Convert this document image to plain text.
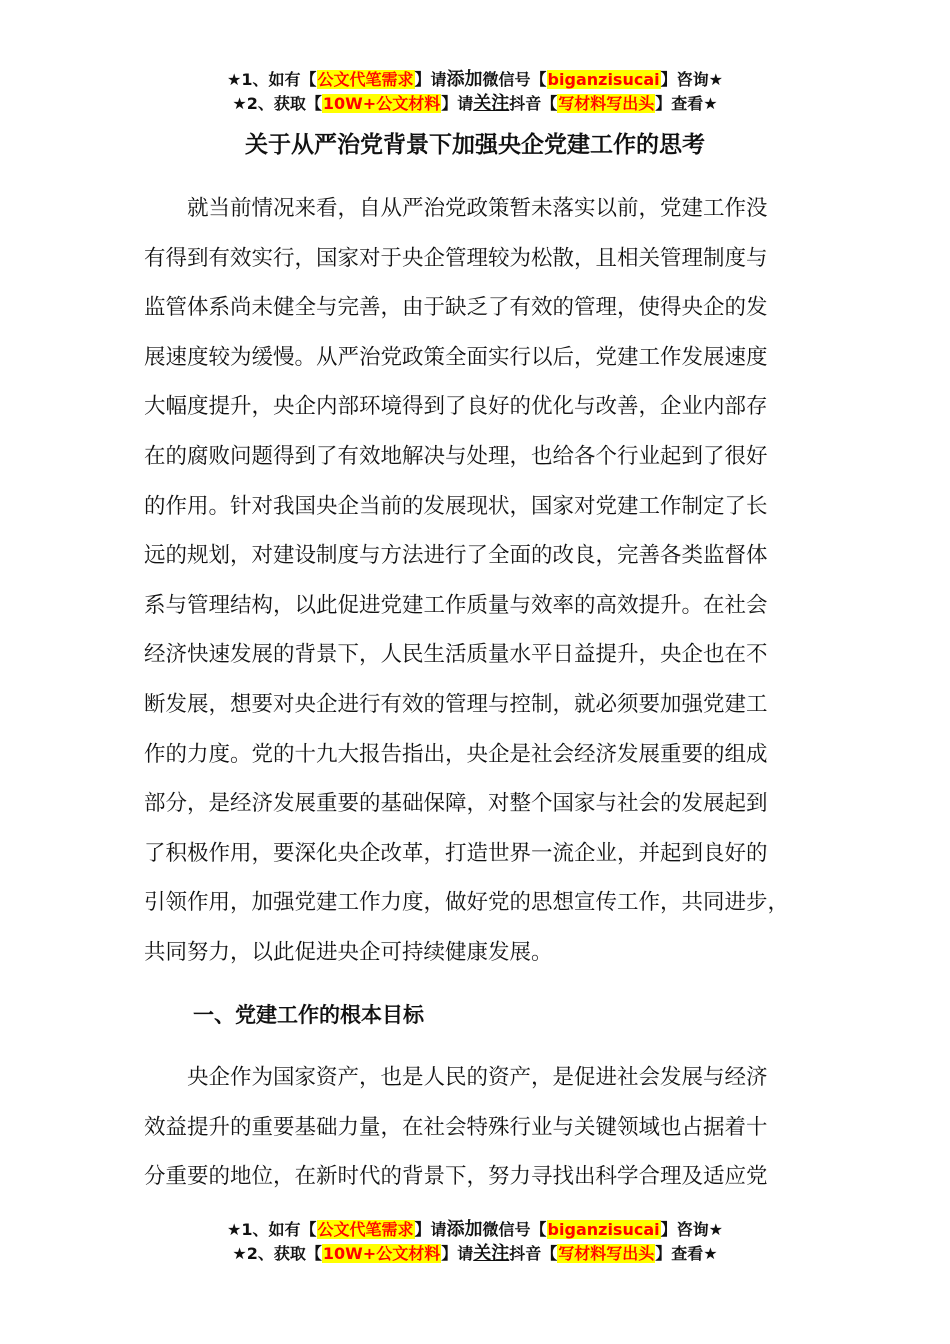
★1、如有【公文代笔需求】请添加微信号【biganzisucai】咨询★
★2、获取【10W+公文材料】请关注抖音【写材料写出头】查看★
关于从严治党背景下加强央企党建工作的思考
　　就当前情况来看，自从严治党政策暂未落实以前，党建工作没
有得到有效实行，国家对于央企管理较为松散，且相关管理制度与
监管体系尚未健全与完善，由于缺乏了有效的管理，使得央企的发
展速度较为缓慢。从严治党政策全面实行以后，党建工作发展速度
大幅度提升，央企内部环境得到了良好的优化与改善，企业内部存
在的腐败问题得到了有效地解决与处理，也给各个行业起到了很好
的作用。针对我国央企当前的发展现状，国家对党建工作制定了长
远的规划，对建设制度与方法进行了全面的改良，完善各类监督体
系与管理结构，以此促进党建工作质量与效率的高效提升。在社会
经济快速发展的背景下，人民生活质量水平日益提升，央企也在不
断发展，想要对央企进行有效的管理与控制，就必须要加强党建工
作的力度。党的十九大报告指出，央企是社会经济发展重要的组成
部分，是经济发展重要的基础保障，对整个国家与社会的发展起到
了积极作用，要深化央企改革，打造世界一流企业，并起到良好的
引领作用，加强党建工作力度，做好党的思想宣传工作，共同进步，
共同努力，以此促进央企可持续健康发展。
一、党建工作的根本目标
　　央企作为国家资产，也是人民的资产，是促进社会发展与经济
效益提升的重要基础力量，在社会特殊行业与关键领域也占据着十
分重要的地位，在新时代的背景下，努力寻找出科学合理及适应党
★1、如有【公文代笔需求】请添加微信号【biganzisucai】咨询★
★2、获取【10W+公文材料】请关注抖音【写材料写出头】查看★
